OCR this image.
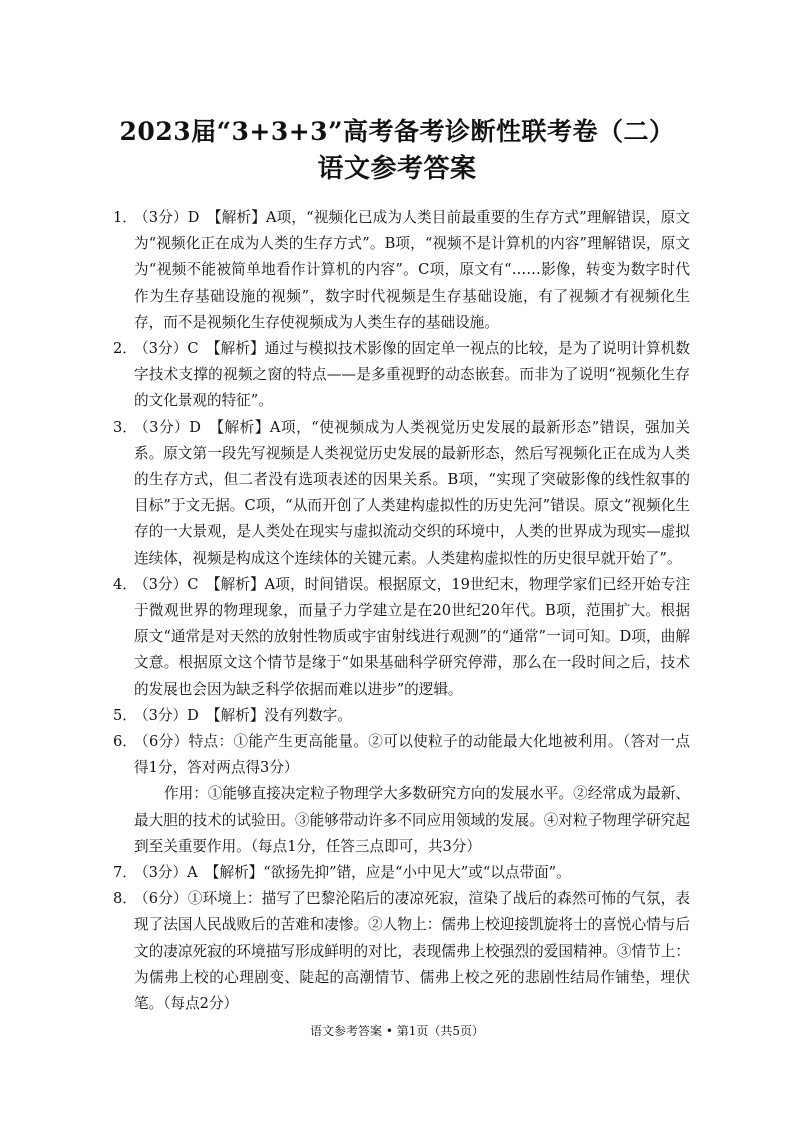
2023届“3+3+3”高考备考诊断性联考卷（二）
语文参考答案
1．
（3分）D　【解析】A项，“视频化已成为人类目前最重要的生存方式”理解错误，原文为“视频化正在成为人类的生存方式”。B项，“视频不是计算机的内容”理解错误，原文为“视频不能被简单地看作计算机的内容”。C项，原文有“……影像，转变为数字时代作为生存基础设施的视频”，数字时代视频是生存基础设施，有了视频才有视频化生存，而不是视频化生存使视频成为人类生存的基础设施。
2．
（3分）C　【解析】通过与模拟技术影像的固定单一视点的比较，是为了说明计算机数字技术支撑的视频之窗的特点——是多重视野的动态嵌套。而非为了说明“视频化生存的文化景观的特征”。
3．
（3分）D　【解析】A项，“使视频成为人类视觉历史发展的最新形态”错误，强加关系。原文第一段先写视频是人类视觉历史发展的最新形态，然后写视频化正在成为人类的生存方式，但二者没有选项表述的因果关系。B项，“实现了突破影像的线性叙事的目标”于文无据。C项，“从而开创了人类建构虚拟性的历史先河”错误。原文“视频化生存的一大景观，是人类处在现实与虚拟流动交织的环境中，人类的世界成为现实—虚拟连续体，视频是构成这个连续体的关键元素。人类建构虚拟性的历史很早就开始了”。
4．
（3分）C　【解析】A项，时间错误。根据原文，19世纪末，物理学家们已经开始专注于微观世界的物理现象，而量子力学建立是在20世纪20年代。B项，范围扩大。根据原文“通常是对天然的放射性物质或宇宙射线进行观测”的“通常”一词可知。D项，曲解文意。根据原文这个情节是缘于“如果基础科学研究停滞，那么在一段时间之后，技术的发展也会因为缺乏科学依据而难以进步”的逻辑。
5．
（3分）D　【解析】没有列数字。
6．
（6分）特点：①能产生更高能量。②可以使粒子的动能最大化地被利用。（答对一点得1分，答对两点得3分）
作用：①能够直接决定粒子物理学大多数研究方向的发展水平。②经常成为最新、最大胆的技术的试验田。③能够带动许多不同应用领域的发展。④对粒子物理学研究起到至关重要作用。（每点1分，任答三点即可，共3分）
7．
（3分）A　【解析】“欲扬先抑”错，应是“小中见大”或“以点带面”。
8．
（6分）①环境上：描写了巴黎沦陷后的凄凉死寂，渲染了战后的森然可怖的气氛，表现了法国人民战败后的苦难和凄惨。②人物上：儒弗上校迎接凯旋将士的喜悦心情与后文的凄凉死寂的环境描写形成鲜明的对比，表现儒弗上校强烈的爱国精神。③情节上：为儒弗上校的心理剧变、陡起的高潮情节、儒弗上校之死的悲剧性结局作铺垫，埋伏笔。（每点2分）
语文参考答案 • 第1页（共5页）
